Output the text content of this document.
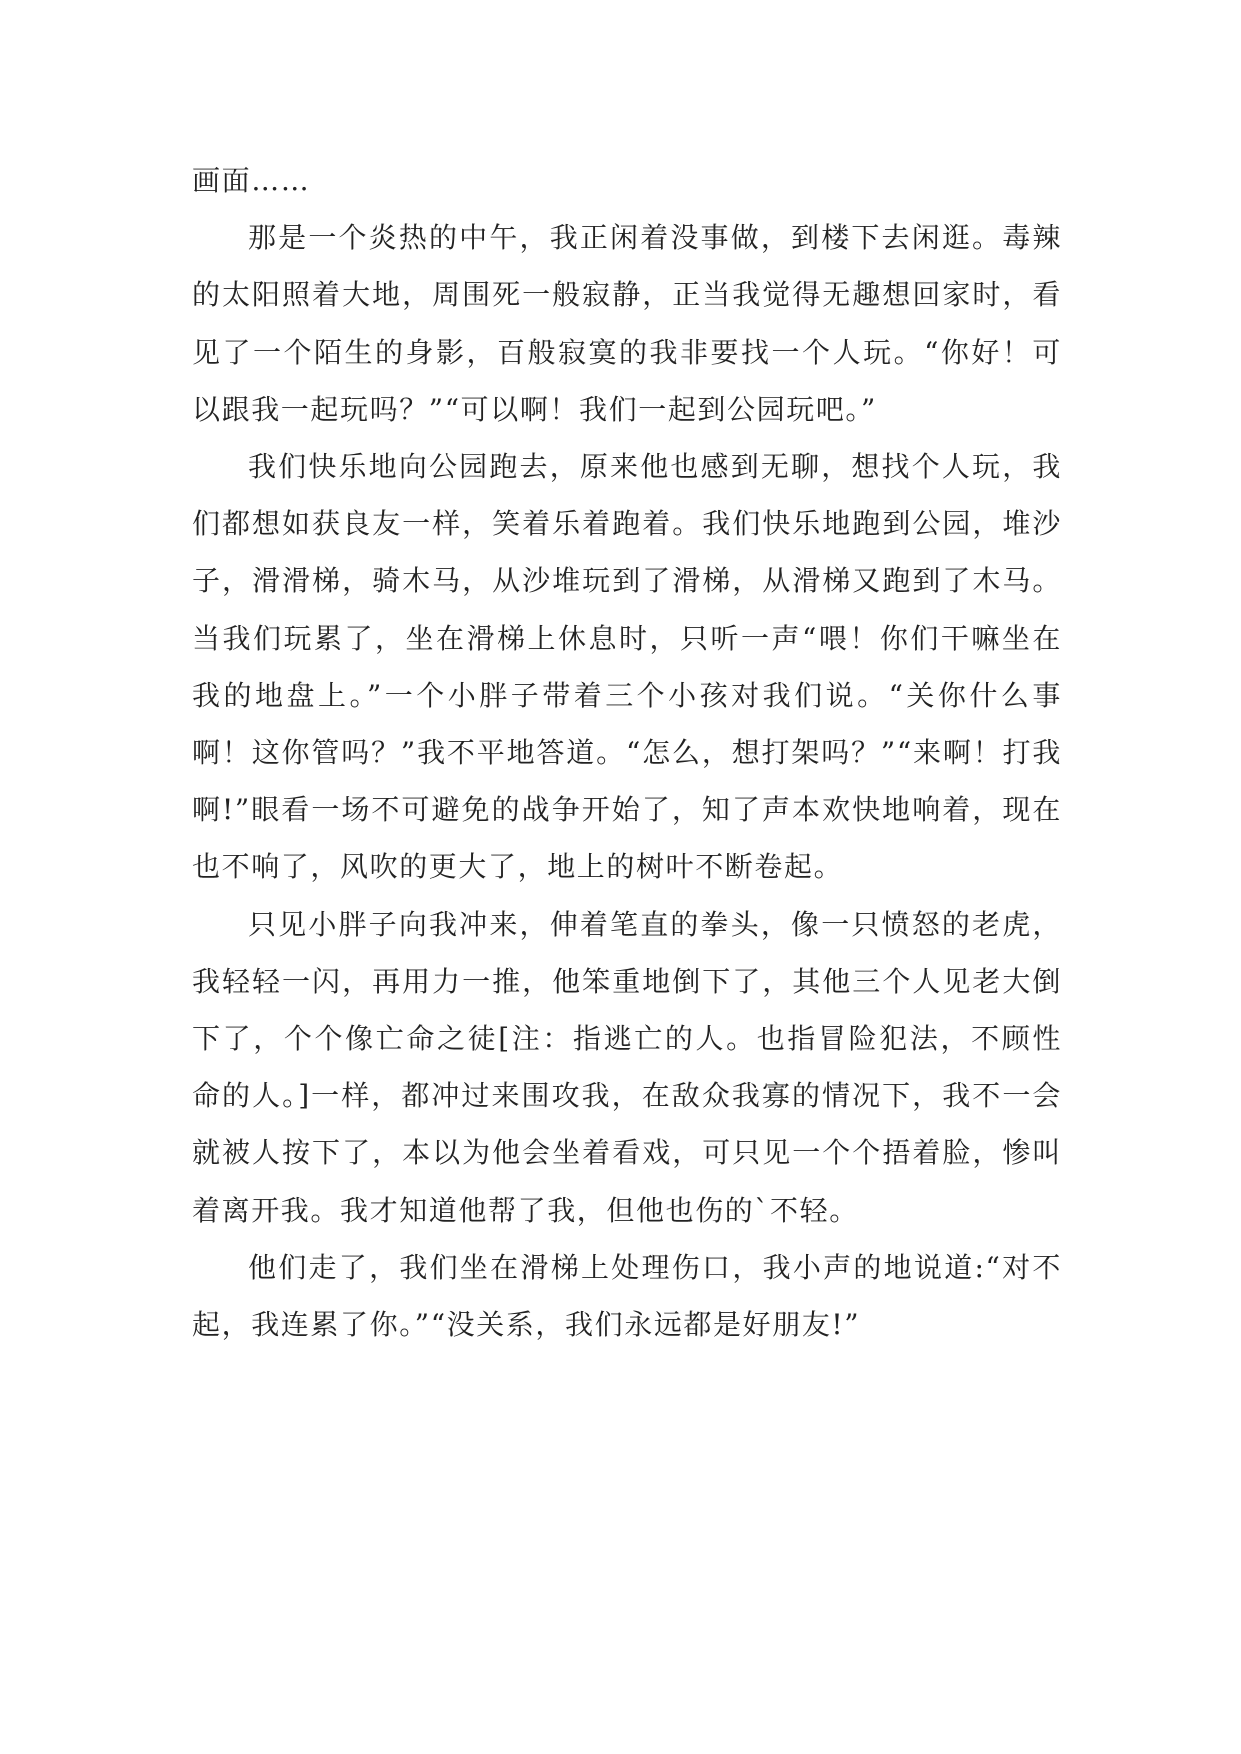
画面……

那是一个炎热的中午，我正闲着没事做，到楼下去闲逛。毒辣的太阳照着大地，周围死一般寂静，正当我觉得无趣想回家时，看见了一个陌生的身影，百般寂寞的我非要找一个人玩。“你好！可以跟我一起玩吗？”“可以啊！我们一起到公园玩吧。”

我们快乐地向公园跑去，原来他也感到无聊，想找个人玩，我们都想如获良友一样，笑着乐着跑着。我们快乐地跑到公园，堆沙子，滑滑梯，骑木马，从沙堆玩到了滑梯，从滑梯又跑到了木马。当我们玩累了，坐在滑梯上休息时，只听一声“喂！你们干嘛坐在我的地盘上。”一个小胖子带着三个小孩对我们说。“关你什么事啊！这你管吗？”我不平地答道。“怎么，想打架吗？”“来啊！打我啊!”眼看一场不可避免的战争开始了，知了声本欢快地响着，现在也不响了，风吹的更大了，地上的树叶不断卷起。

只见小胖子向我冲来，伸着笔直的拳头，像一只愤怒的老虎，我轻轻一闪，再用力一推，他笨重地倒下了，其他三个人见老大倒下了，个个像亡命之徒[注：指逃亡的人。也指冒险犯法，不顾性命的人。]一样，都冲过来围攻我，在敌众我寡的情况下，我不一会就被人按下了，本以为他会坐着看戏，可只见一个个捂着脸，惨叫着离开我。我才知道他帮了我，但他也伤的`不轻。

他们走了，我们坐在滑梯上处理伤口，我小声的地说道:“对不起，我连累了你。”“没关系，我们永远都是好朋友!”
